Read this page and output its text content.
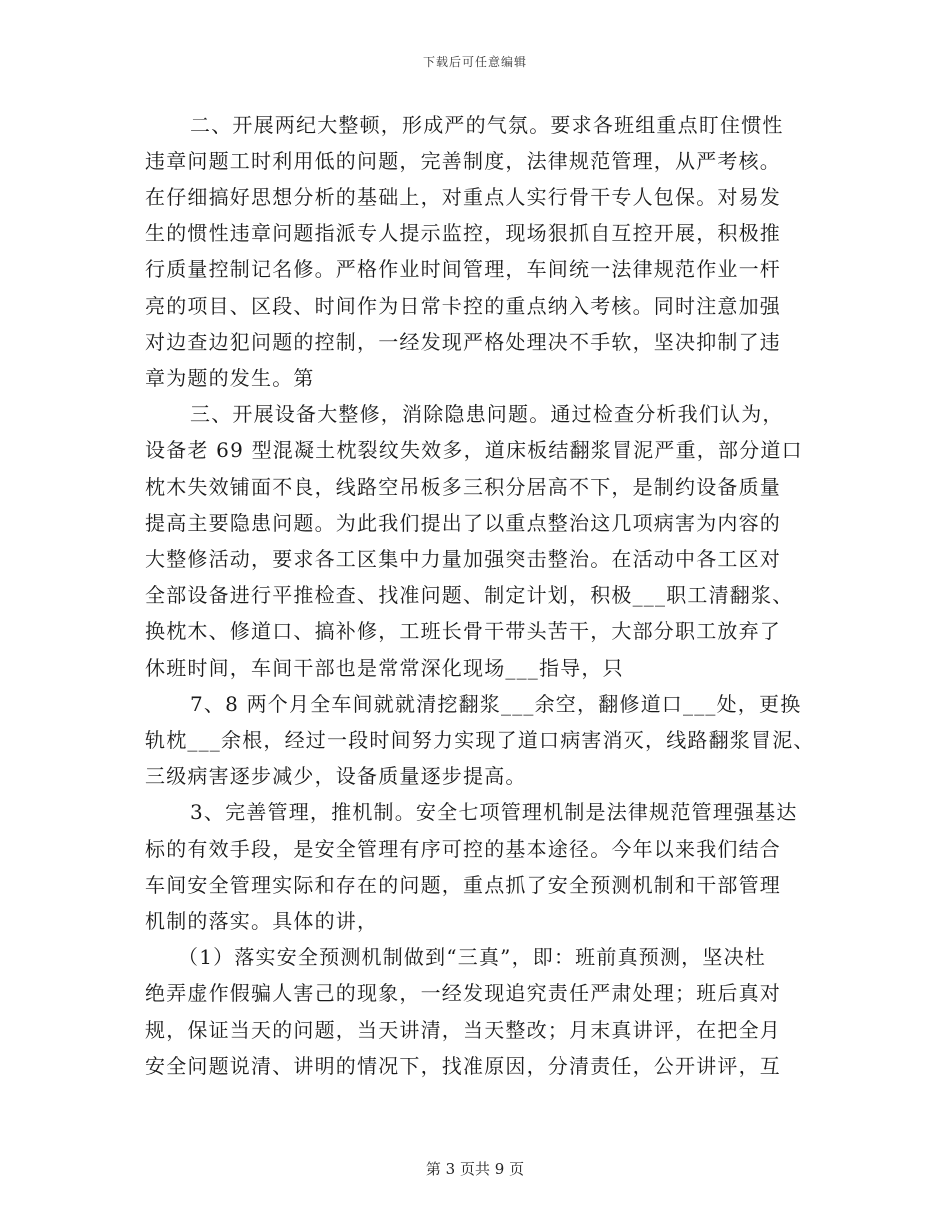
下载后可任意编辑
二、开展两纪大整顿，形成严的气氛。要求各班组重点盯住惯性
违章问题工时利用低的问题，完善制度，法律规范管理，从严考核。
在仔细搞好思想分析的基础上，对重点人实行骨干专人包保。对易发
生的惯性违章问题指派专人提示监控，现场狠抓自互控开展，积极推
行质量控制记名修。严格作业时间管理，车间统一法律规范作业一杆
亮的项目、区段、时间作为日常卡控的重点纳入考核。同时注意加强
对边查边犯问题的控制，一经发现严格处理决不手软，坚决抑制了违
章为题的发生。第
三、开展设备大整修，消除隐患问题。通过检查分析我们认为，
设备老 69 型混凝土枕裂纹失效多，道床板结翻浆冒泥严重，部分道口
枕木失效铺面不良，线路空吊板多三积分居高不下，是制约设备质量
提高主要隐患问题。为此我们提出了以重点整治这几项病害为内容的
大整修活动，要求各工区集中力量加强突击整治。在活动中各工区对
全部设备进行平推检查、找准问题、制定计划，积极___职工清翻浆、
换枕木、修道口、搞补修，工班长骨干带头苦干，大部分职工放弃了
休班时间，车间干部也是常常深化现场___指导，只
7、8 两个月全车间就就清挖翻浆___余空，翻修道口___处，更换
轨枕___余根，经过一段时间努力实现了道口病害消灭，线路翻浆冒泥、
三级病害逐步减少，设备质量逐步提高。
3、完善管理，推机制。安全七项管理机制是法律规范管理强基达
标的有效手段，是安全管理有序可控的基本途径。今年以来我们结合
车间安全管理实际和存在的问题，重点抓了安全预测机制和干部管理
机制的落实。具体的讲，
（1）落实安全预测机制做到“三真”，即：班前真预测，坚决杜
绝弄虚作假骗人害己的现象，一经发现追究责任严肃处理；班后真对
规，保证当天的问题，当天讲清，当天整改；月末真讲评，在把全月
安全问题说清、讲明的情况下，找准原因，分清责任，公开讲评，互
第 3 页共 9 页
